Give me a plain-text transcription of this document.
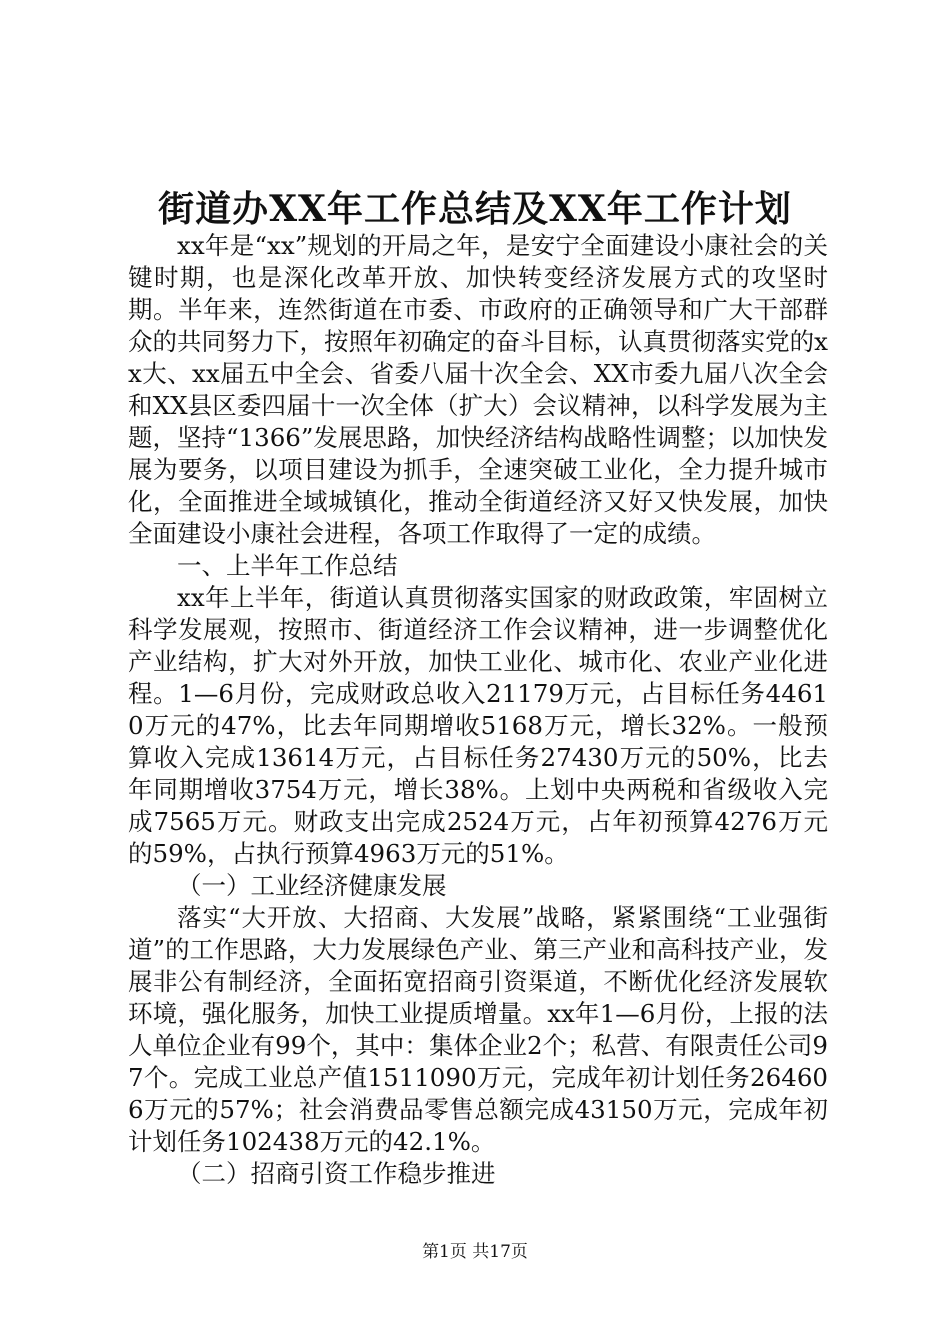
街道办XX年工作总结及XX年工作计划

xx年是“xx”规划的开局之年，是安宁全面建设小康社会的关键时期，也是深化改革开放、加快转变经济发展方式的攻坚时期。半年来，连然街道在市委、市政府的正确领导和广大干部群众的共同努力下，按照年初确定的奋斗目标，认真贯彻落实党的xx大、xx届五中全会、省委八届十次全会、XX市委九届八次全会和XX县区委四届十一次全体（扩大）会议精神，以科学发展为主题，坚持“1366”发展思路，加快经济结构战略性调整；以加快发展为要务，以项目建设为抓手，全速突破工业化，全力提升城市化，全面推进全域城镇化，推动全街道经济又好又快发展，加快全面建设小康社会进程，各项工作取得了一定的成绩。

一、上半年工作总结

xx年上半年，街道认真贯彻落实国家的财政政策，牢固树立科学发展观，按照市、街道经济工作会议精神，进一步调整优化产业结构，扩大对外开放，加快工业化、城市化、农业产业化进程。1—6月份，完成财政总收入21179万元，占目标任务44610万元的47%，比去年同期增收5168万元，增长32%。一般预算收入完成13614万元，占目标任务27430万元的50%，比去年同期增收3754万元，增长38%。上划中央两税和省级收入完成7565万元。财政支出完成2524万元，占年初预算4276万元的59%，占执行预算4963万元的51%。

（一）工业经济健康发展

落实“大开放、大招商、大发展”战略，紧紧围绕“工业强街道”的工作思路，大力发展绿色产业、第三产业和高科技产业，发展非公有制经济，全面拓宽招商引资渠道，不断优化经济发展软环境，强化服务，加快工业提质增量。xx年1—6月份，上报的法人单位企业有99个，其中：集体企业2个；私营、有限责任公司97个。完成工业总产值1511090万元，完成年初计划任务264606万元的57%；社会消费品零售总额完成43150万元，完成年初计划任务102438万元的42.1%。

（二）招商引资工作稳步推进

第1页 共17页
